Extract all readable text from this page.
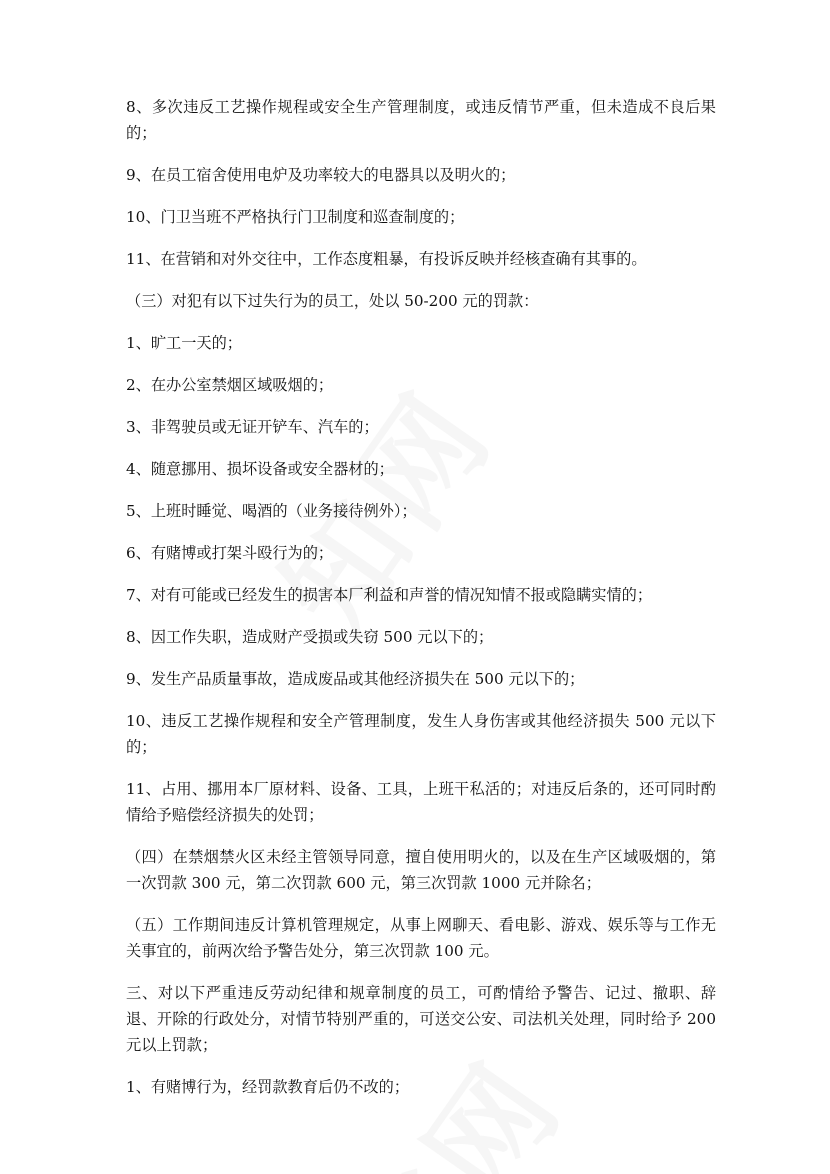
8、多次违反工艺操作规程或安全生产管理制度，或违反情节严重，但未造成不良后果的；

9、在员工宿舍使用电炉及功率较大的电器具以及明火的；

10、门卫当班不严格执行门卫制度和巡查制度的；

11、在营销和对外交往中，工作态度粗暴，有投诉反映并经核查确有其事的。

（三）对犯有以下过失行为的员工，处以 50-200 元的罚款：

1、旷工一天的；

2、在办公室禁烟区域吸烟的；

3、非驾驶员或无证开铲车、汽车的；

4、随意挪用、损坏设备或安全器材的；

5、上班时睡觉、喝酒的（业务接待例外）；

6、有赌博或打架斗殴行为的；

7、对有可能或已经发生的损害本厂利益和声誉的情况知情不报或隐瞒实情的；

8、因工作失职，造成财产受损或失窃 500 元以下的；

9、发生产品质量事故，造成废品或其他经济损失在 500 元以下的；

10、违反工艺操作规程和安全产管理制度，发生人身伤害或其他经济损失 500 元以下的；

11、占用、挪用本厂原材料、设备、工具，上班干私活的；对违反后条的，还可同时酌情给予赔偿经济损失的处罚；

（四）在禁烟禁火区未经主管领导同意，擅自使用明火的，以及在生产区域吸烟的，第一次罚款 300 元，第二次罚款 600 元，第三次罚款 1000 元并除名；

（五）工作期间违反计算机管理规定，从事上网聊天、看电影、游戏、娱乐等与工作无关事宜的，前两次给予警告处分，第三次罚款 100 元。

三、对以下严重违反劳动纪律和规章制度的员工，可酌情给予警告、记过、撤职、辞退、开除的行政处分，对情节特别严重的，可送交公安、司法机关处理，同时给予 200 元以上罚款；

1、有赌博行为，经罚款教育后仍不改的；
